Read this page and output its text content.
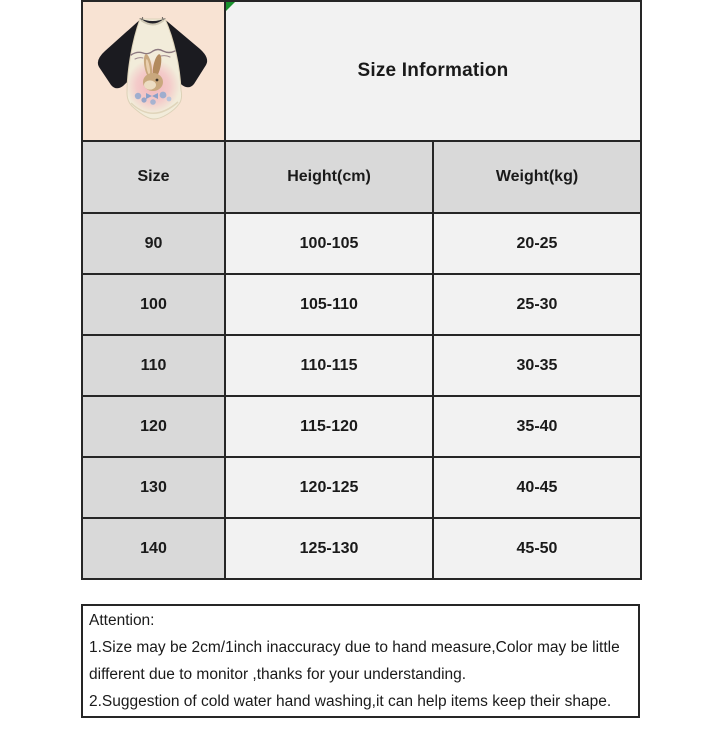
Size Information	
Size	Height(cm)	Weight(kg)
90	100-105	20-25
100	105-110	25-30
110	110-115	30-35
120	115-120	35-40
130	120-125	40-45
140	125-130	45-50
Attention:
1.Size may be 2cm/1inch inaccuracy due to hand measure,Color may be little different due to monitor ,thanks for your understanding.
2.Suggestion of cold water hand washing,it can help items keep their shape.
